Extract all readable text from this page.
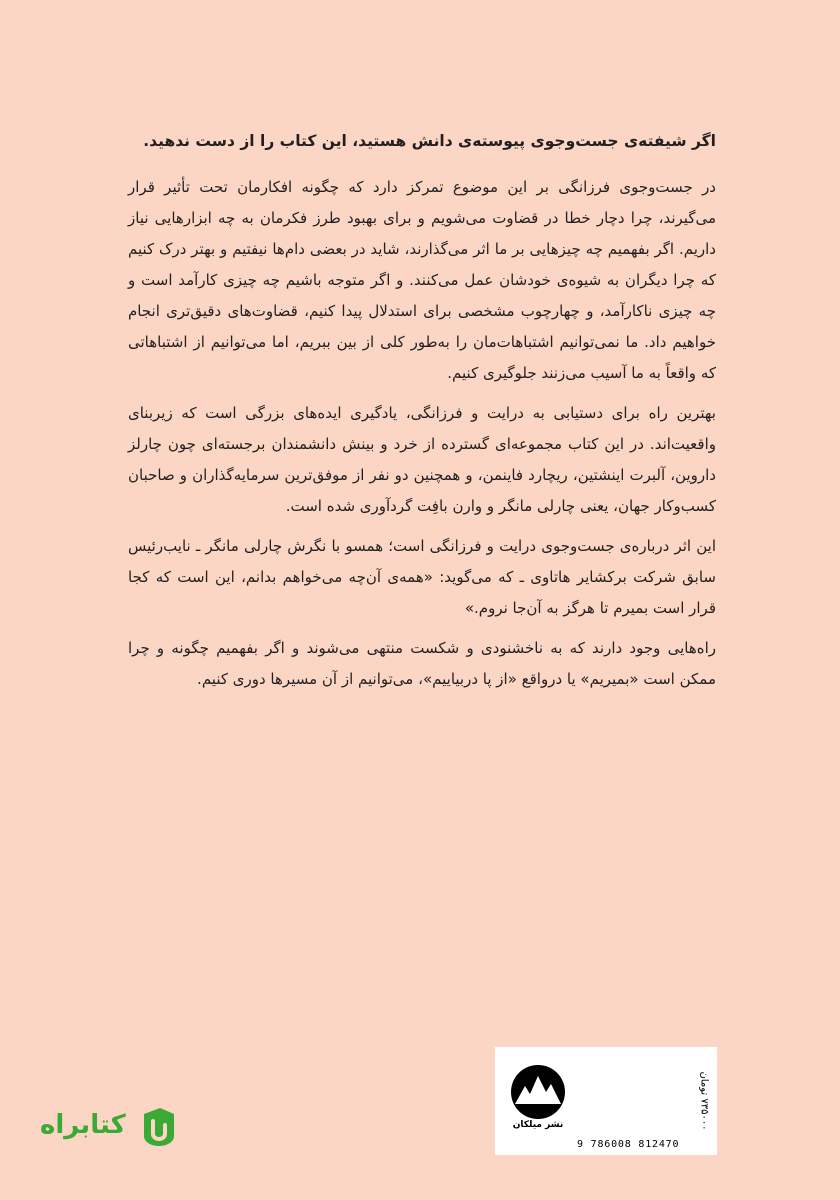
اگر شیفته‌ی جست‌وجوی پیوسته‌ی دانش هستید، این کتاب را از دست ندهید.

در جست‌وجوی فرزانگی بر این موضوع تمرکز دارد که چگونه افکارمان تحت تأثیر قرار می‌گیرند، چرا دچار خطا در قضاوت می‌شویم و برای بهبود طرز فکرمان به چه ابزارهایی نیاز داریم. اگر بفهمیم چه چیزهایی بر ما اثر می‌گذارند، شاید در بعضی دام‌ها نیفتیم و بهتر درک کنیم که چرا دیگران به شیوه‌ی خودشان عمل می‌کنند. و اگر متوجه باشیم چه چیزی کارآمد است و چه چیزی ناکارآمد، و چهارچوب مشخصی برای استدلال پیدا کنیم، قضاوت‌های دقیق‌تری انجام خواهیم داد. ما نمی‌توانیم اشتباهات‌مان را به‌طور کلی از بین ببریم، اما می‌توانیم از اشتباهاتی که واقعاً به ما آسیب می‌زنند جلوگیری کنیم.

بهترین راه برای دستیابی به درایت و فرزانگی، یادگیری ایده‌های بزرگی است که زیربنای واقعیت‌اند. در این کتاب مجموعه‌ای گسترده از خرد و بینش دانشمندان برجسته‌ای چون چارلز داروین، آلبرت اینشتین، ریچارد فاینمن، و همچنین دو نفر از موفق‌ترین سرمایه‌گذاران و صاحبان کسب‌وکار جهان، یعنی چارلی مانگر و وارن بافِت گردآوری شده است.

این اثر درباره‌ی جست‌وجوی درایت و فرزانگی است؛ همسو با نگرش چارلی مانگر ـ نایب‌رئیس سابق شرکت برکشایر هاتاوی ـ که می‌گوید: «همه‌ی آن‌چه می‌خواهم بدانم، این است که کجا قرار است بمیرم تا هرگز به آن‌جا نروم.»

راه‌هایی وجود دارند که به ناخشنودی و شکست منتهی می‌شوند و اگر بفهمیم چگونه و چرا ممکن است «بمیریم» یا درواقع «از پا دربیاییم»، می‌توانیم از آن مسیرها دوری کنیم.

نشر میلکان
9 786008 812470
۷۳۵۰۰۰ تومان
کتابراه
